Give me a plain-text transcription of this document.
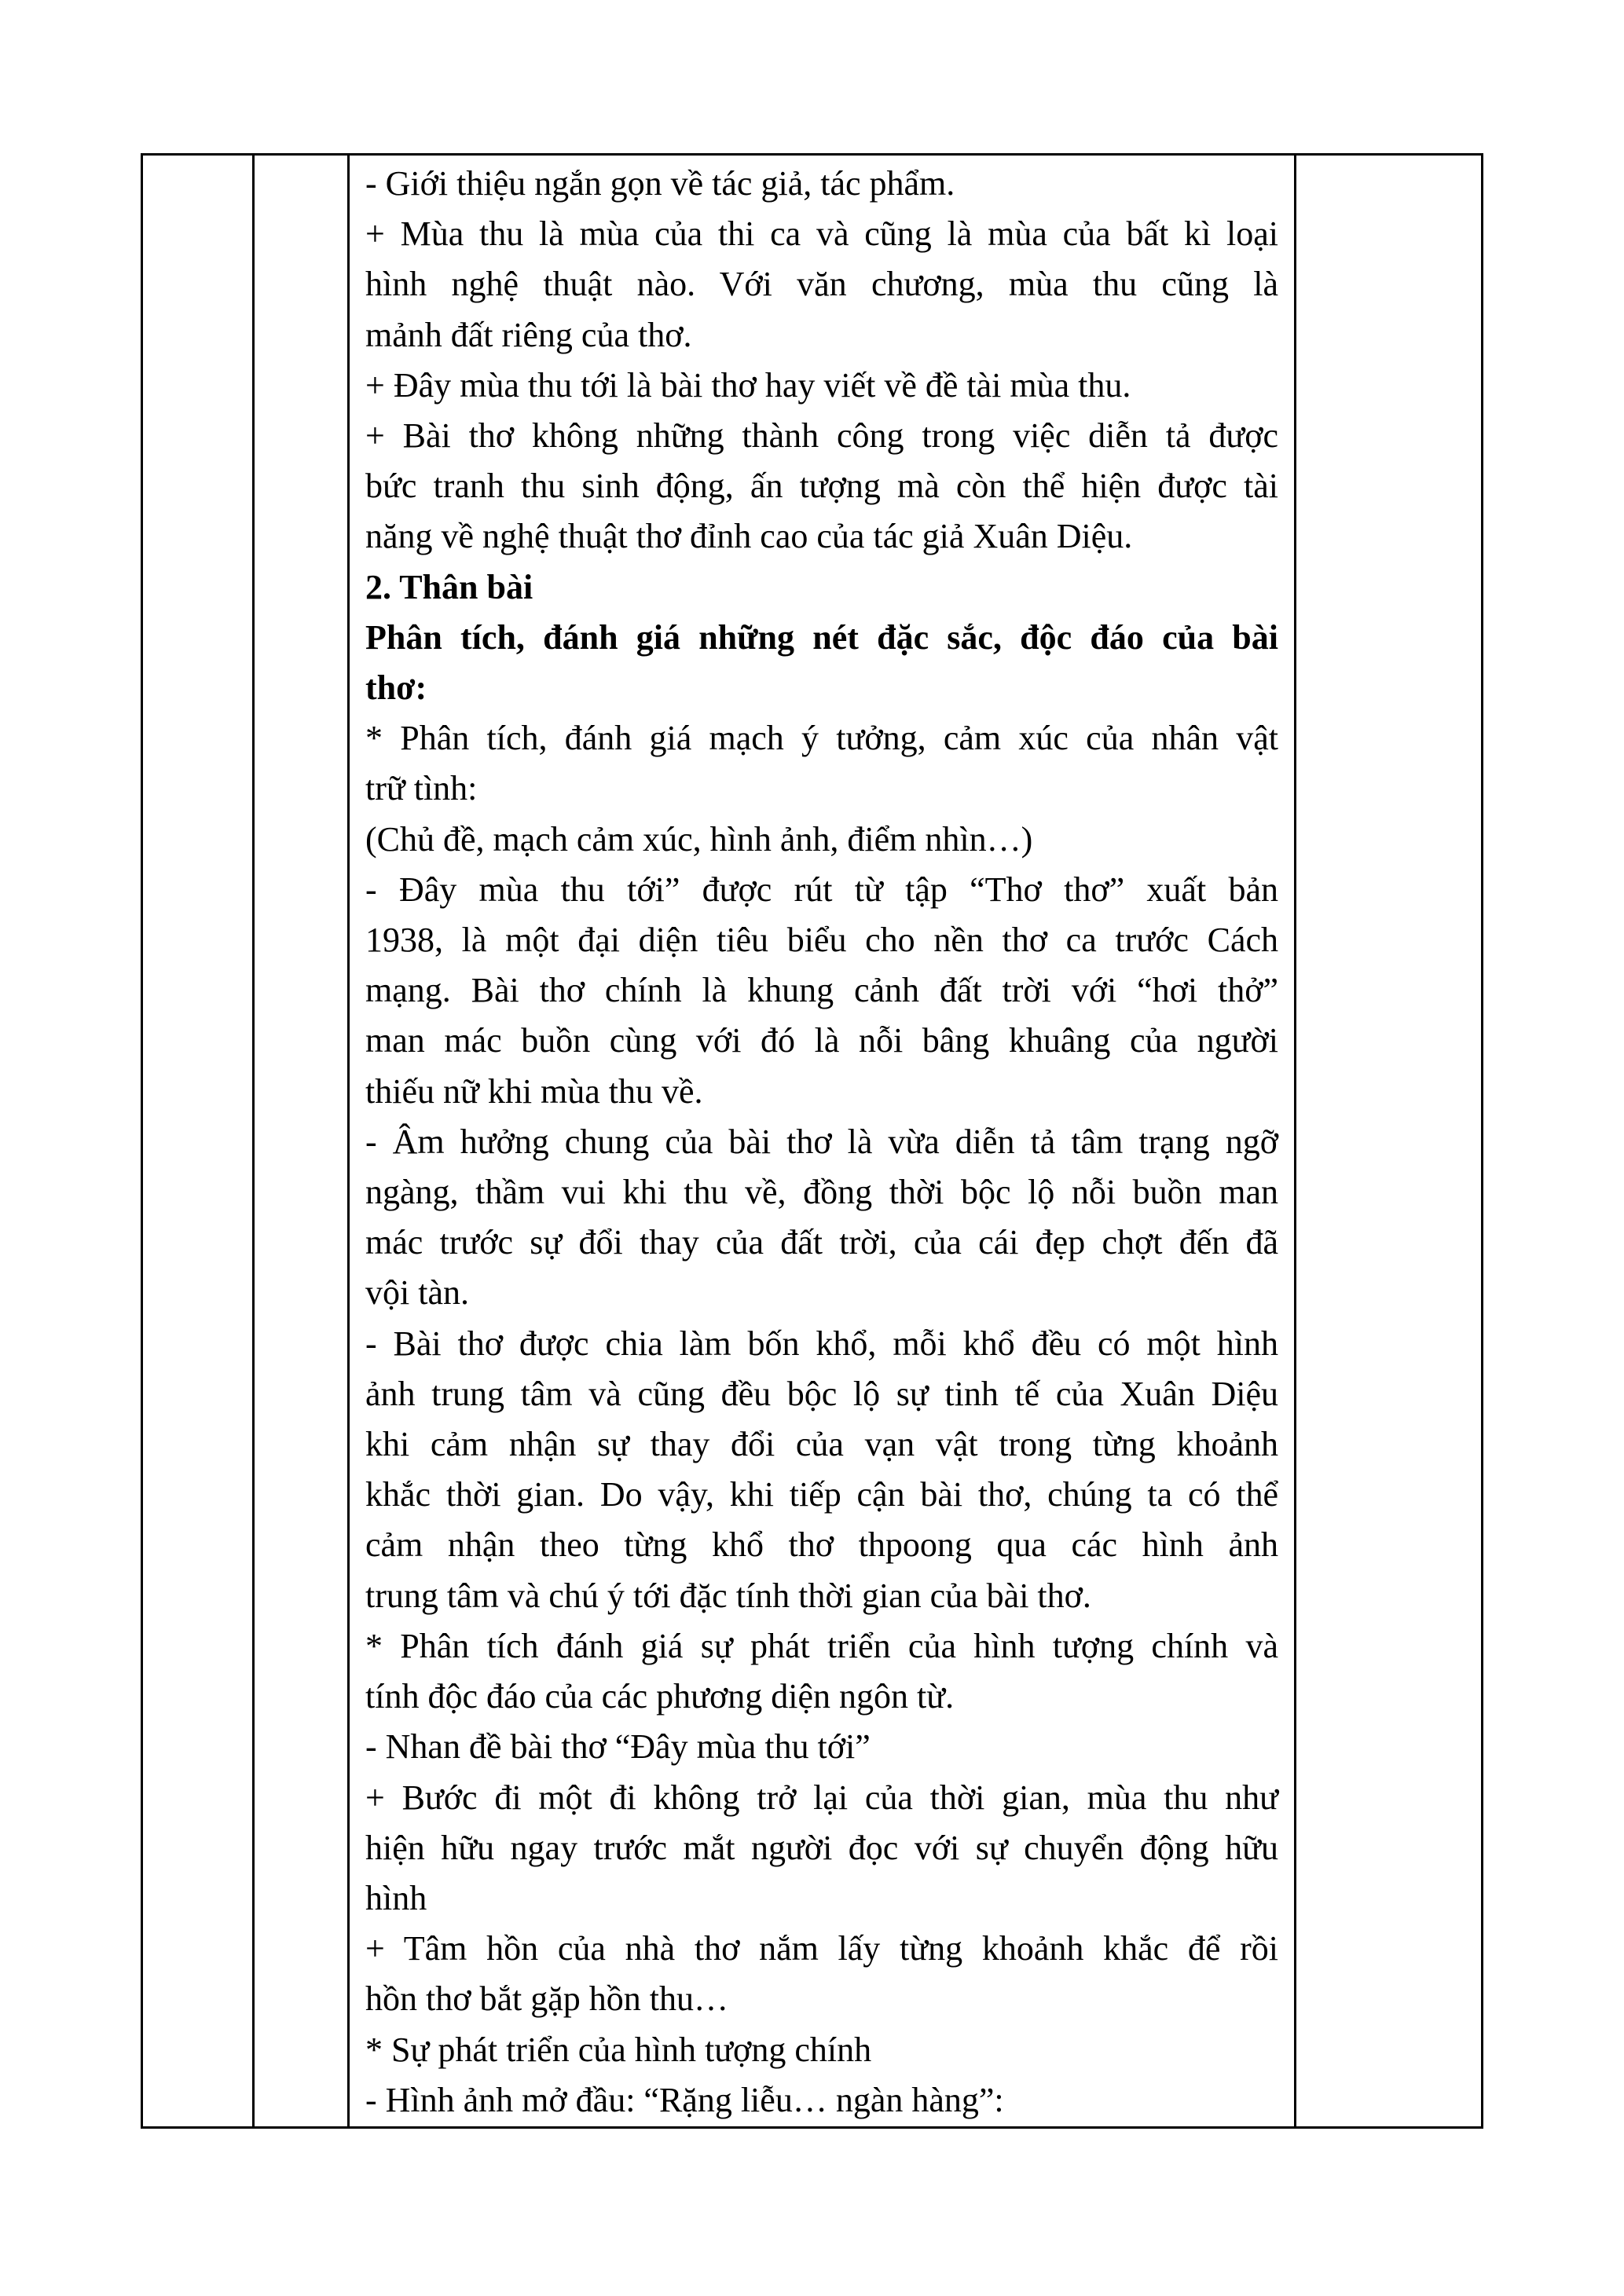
- Giới thiệu ngắn gọn về tác giả, tác phẩm.
+ Mùa thu là mùa của thi ca và cũng là mùa của bất kì loại
hình nghệ thuật nào. Với văn chương, mùa thu cũng là
mảnh đất riêng của thơ.
+ Đây mùa thu tới là bài thơ hay viết về đề tài mùa thu.
+ Bài thơ không những thành công trong việc diễn tả được
bức tranh thu sinh động, ấn tượng mà còn thể hiện được tài
năng về nghệ thuật thơ đỉnh cao của tác giả Xuân Diệu.
2. Thân bài
Phân tích, đánh giá những nét đặc sắc, độc đáo của bài
thơ:
* Phân tích, đánh giá mạch ý tưởng, cảm xúc của nhân vật
trữ tình:
(Chủ đề, mạch cảm xúc, hình ảnh, điểm nhìn…)
- Đây mùa thu tới” được rút từ tập “Thơ thơ” xuất bản
1938, là một đại diện tiêu biểu cho nền thơ ca trước Cách
mạng. Bài thơ chính là khung cảnh đất trời với “hơi thở”
man mác buồn cùng với đó là nỗi bâng khuâng của người
thiếu nữ khi mùa thu về.
- Âm hưởng chung của bài thơ là vừa diễn tả tâm trạng ngỡ
ngàng, thầm vui khi thu về, đồng thời bộc lộ nỗi buồn man
mác trước sự đổi thay của đất trời, của cái đẹp chợt đến đã
vội tàn.
- Bài thơ được chia làm bốn khổ, mỗi khổ đều có một hình
ảnh trung tâm và cũng đều bộc lộ sự tinh tế của Xuân Diệu
khi cảm nhận sự thay đổi của vạn vật trong từng khoảnh
khắc thời gian. Do vậy, khi tiếp cận bài thơ, chúng ta có thể
cảm nhận theo từng khổ thơ thpoong qua các hình ảnh
trung tâm và chú ý tới đặc tính thời gian của bài thơ.
* Phân tích đánh giá sự phát triển của hình tượng chính và
tính độc đáo của các phương diện ngôn từ.
- Nhan đề bài thơ “Đây mùa thu tới”
+ Bước đi một đi không trở lại của thời gian, mùa thu như
hiện hữu ngay trước mắt người đọc với sự chuyển động hữu
hình
+ Tâm hồn của nhà thơ nắm lấy từng khoảnh khắc để rồi
hồn thơ bắt gặp hồn thu…
* Sự phát triển của hình tượng chính
- Hình ảnh mở đầu: “Rặng liễu… ngàn hàng”:
